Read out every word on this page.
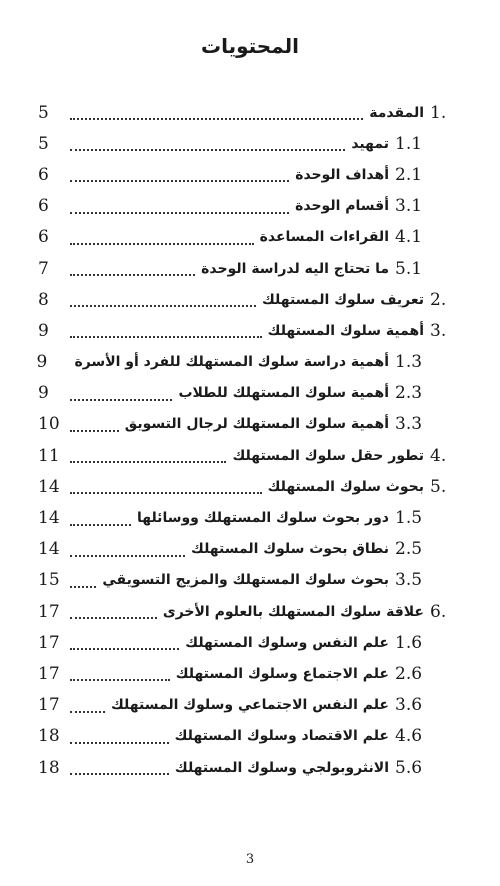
المحتويات
1.
المقدمة
5
1.1
تمهيد
5
2.1
أهداف الوحدة
6
3.1
أقسام الوحدة
6
4.1
القراءات المساعدة
6
5.1
ما تحتاج اليه لدراسة الوحدة
7
2.
تعريف سلوك المستهلك
8
3.
أهمية سلوك المستهلك
9
1.3
أهمية دراسة سلوك المستهلك للفرد أو الأسرة
9
2.3
أهمية سلوك المستهلك للطلاب
9
3.3
أهمية سلوك المستهلك لرجال التسويق
10
4.
تطور حقل سلوك المستهلك
11
5.
بحوث سلوك المستهلك
14
1.5
دور بحوث سلوك المستهلك ووسائلها
14
2.5
نطاق بحوث سلوك المستهلك
14
3.5
بحوث سلوك المستهلك والمزيج التسويقي
15
6.
علاقة سلوك المستهلك بالعلوم الأخرى
17
1.6
علم النفس وسلوك المستهلك
17
2.6
علم الاجتماع وسلوك المستهلك
17
3.6
علم النفس الاجتماعي وسلوك المستهلك
17
4.6
علم الاقتصاد وسلوك المستهلك
18
5.6
الانثروبولجي وسلوك المستهلك
18
3
